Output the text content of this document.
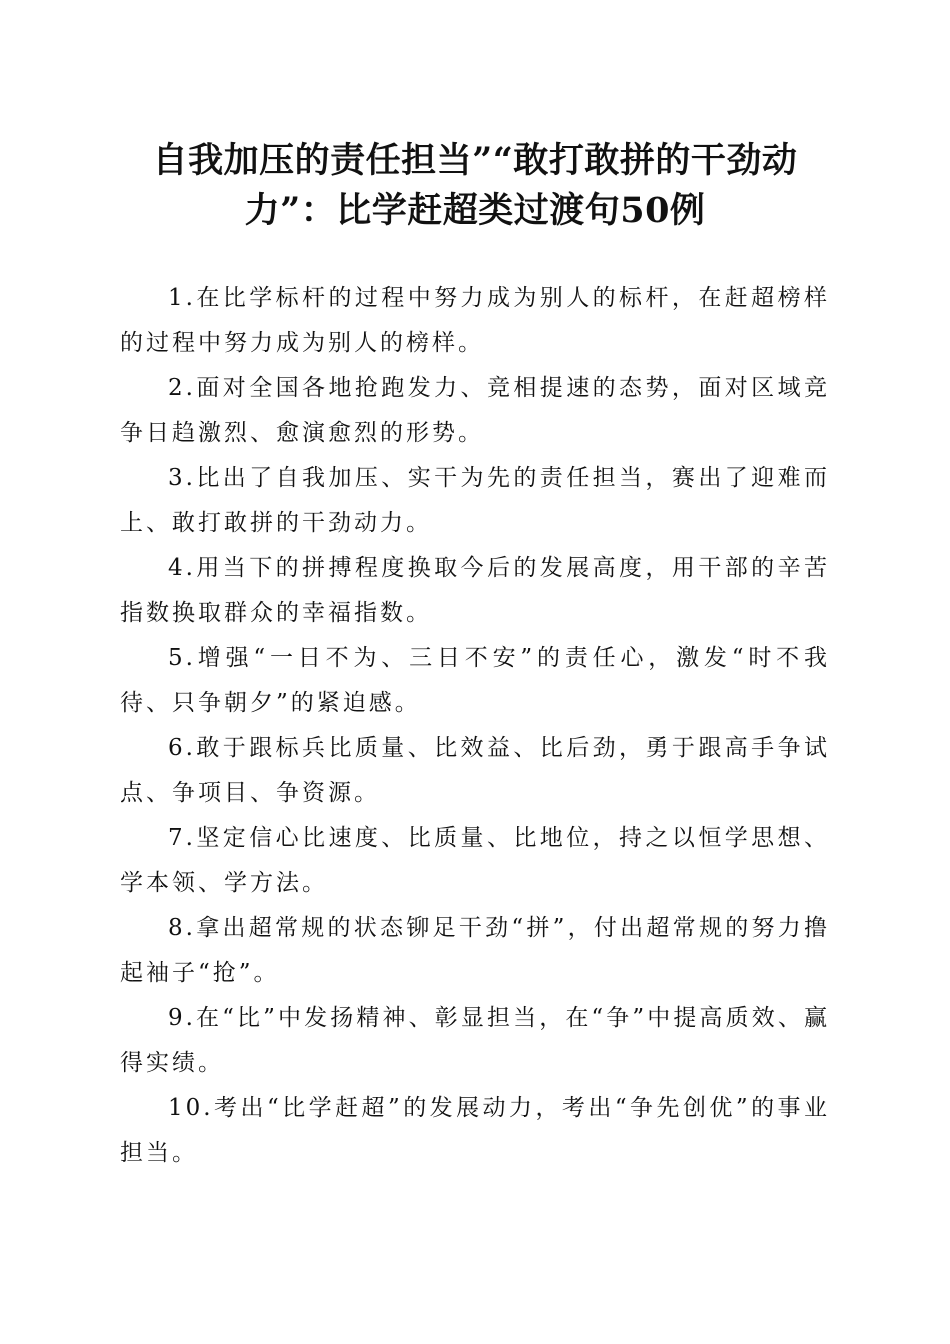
自我加压的责任担当”“敢打敢拼的干劲动
力”：比学赶超类过渡句50例

1.在比学标杆的过程中努力成为别人的标杆，在赶超榜样的过程中努力成为别人的榜样。

2.面对全国各地抢跑发力、竞相提速的态势，面对区域竞争日趋激烈、愈演愈烈的形势。

3.比出了自我加压、实干为先的责任担当，赛出了迎难而上、敢打敢拼的干劲动力。

4.用当下的拼搏程度换取今后的发展高度，用干部的辛苦指数换取群众的幸福指数。

5.增强“一日不为、三日不安”的责任心，激发“时不我待、只争朝夕”的紧迫感。

6.敢于跟标兵比质量、比效益、比后劲，勇于跟高手争试点、争项目、争资源。

7.坚定信心比速度、比质量、比地位，持之以恒学思想、学本领、学方法。

8.拿出超常规的状态铆足干劲“拼”，付出超常规的努力撸起袖子“抢”。

9.在“比”中发扬精神、彰显担当，在“争”中提高质效、赢得实绩。

10.考出“比学赶超”的发展动力，考出“争先创优”的事业担当。
